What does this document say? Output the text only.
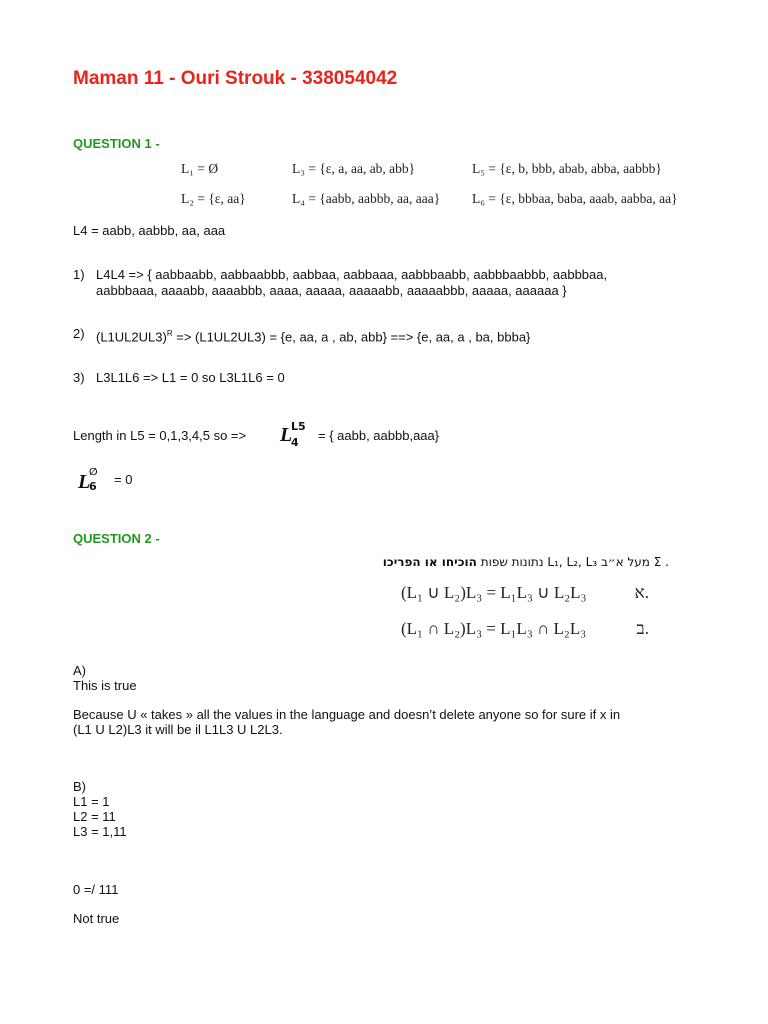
Maman 11 - Ouri Strouk - 338054042
QUESTION 1 -
L₁ = Ø
L₂ = {ε, aa}
L₃ = {ε, a, aa, ab, abb}
L₄ = {aabb, aabbb, aa, aaa}
L₅ = {ε, b, bbb, abab, abba, aabbb}
L₆ = {ε, bbbaa, baba, aaab, aabba, aa}
L4 = aabb, aabbb, aa, aaa
1) L4L4 => { aabbaabb, aabbaabbb, aabbaa, aabbaaa, aabbbaabb, aabbbaabbb, aabbbaa,
aabbbaaa, aaaabb, aaaabbb, aaaa, aaaaa, aaaaabb, aaaaabbb, aaaaa, aaaaaa }
2) $(L1UL2UL3)^R => (L1UL2UL3) = \{e$, aa, a , ab, abb} ==> {e, aa, a , ba, bbba}
3) L3L1L6 => L1 = 0 so L3L1L6 = 0
Length in L5 = 0,1,3,4,5 so => L
L5
4 = { aabb, aabbb,aaa}
L
∅
6 = 0
QUESTION 2 -
. Σ מעל א״ב L₁, L₂, L₃ נתונות שפות הוכיחו או הפריכו
(L₁ ∪ L₂)L₃ = L₁L₃ ∪ L₂L₃	.א
(L₁ ∩ L₂)L₃ = L₁L₃ ∩ L₂L₃	.ב
A)
This is true
Because U « takes » all the values in the language and doesn’t delete anyone so for sure if x in
(L1 U L2)L3 it will be il L1L3 U L2L3.
B)
L1 = 1
L2 = 11
L3 = 1,11
0 =/ 111
Not true
